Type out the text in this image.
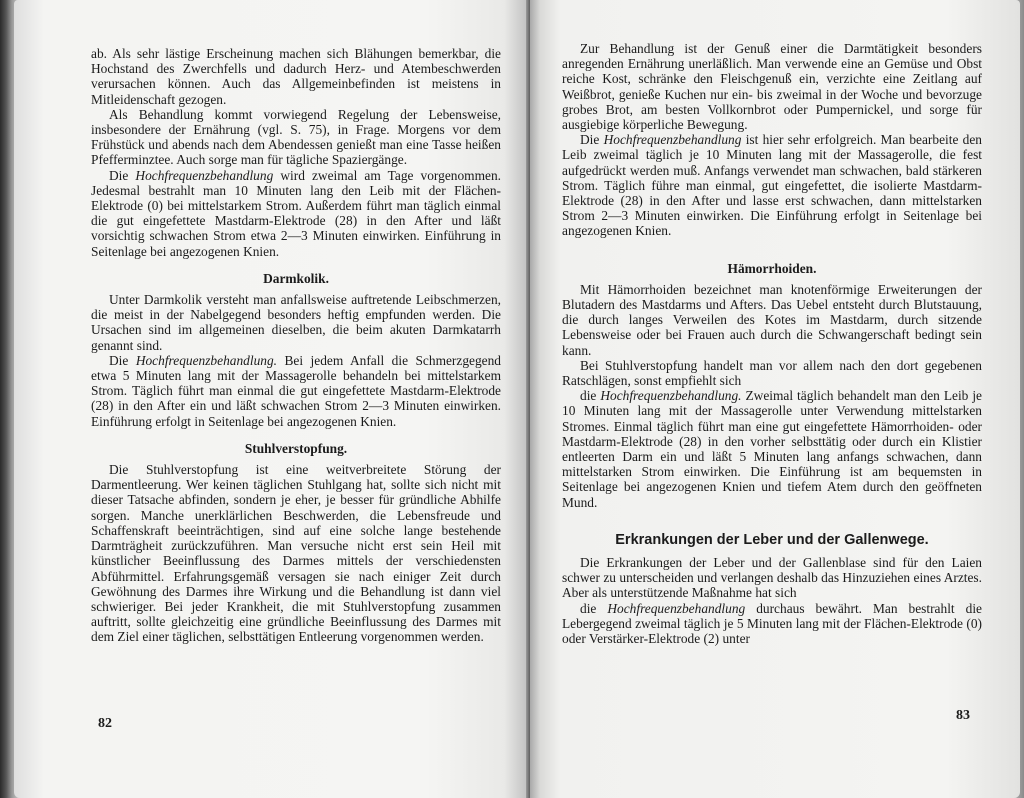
ab. Als sehr lästige Erscheinung machen sich Blähungen bemerkbar, die Hochstand des Zwerchfells und dadurch Herz- und Atembeschwerden verursachen können. Auch das Allgemeinbefinden ist meistens in Mitleidenschaft gezogen.

Als Behandlung kommt vorwiegend Regelung der Lebensweise, insbesondere der Ernährung (vgl. S. 75), in Frage. Morgens vor dem Frühstück und abends nach dem Abendessen genießt man eine Tasse heißen Pfefferminztee. Auch sorge man für tägliche Spaziergänge.

Die Hochfrequenzbehandlung wird zweimal am Tage vorgenommen. Jedesmal bestrahlt man 10 Minuten lang den Leib mit der Flächen-Elektrode (0) bei mittelstarkem Strom. Außerdem führt man täglich einmal die gut eingefettete Mastdarm-Elektrode (28) in den After und läßt vorsichtig schwachen Strom etwa 2—3 Minuten einwirken. Einführung in Seitenlage bei angezogenen Knien.

Darmkolik.

Unter Darmkolik versteht man anfallsweise auftretende Leibschmerzen, die meist in der Nabelgegend besonders heftig empfunden werden. Die Ursachen sind im allgemeinen dieselben, die beim akuten Darmkatarrh genannt sind.

Die Hochfrequenzbehandlung. Bei jedem Anfall die Schmerzgegend etwa 5 Minuten lang mit der Massagerolle behandeln bei mittelstarkem Strom. Täglich führt man einmal die gut eingefettete Mastdarm-Elektrode (28) in den After ein und läßt schwachen Strom 2—3 Minuten einwirken. Einführung erfolgt in Seitenlage bei angezogenen Knien.

Stuhlverstopfung.

Die Stuhlverstopfung ist eine weitverbreitete Störung der Darmentleerung. Wer keinen täglichen Stuhlgang hat, sollte sich nicht mit dieser Tatsache abfinden, sondern je eher, je besser für gründliche Abhilfe sorgen. Manche unerklärlichen Beschwerden, die Lebensfreude und Schaffenskraft beeinträchtigen, sind auf eine solche lange bestehende Darmträgheit zurückzuführen. Man versuche nicht erst sein Heil mit künstlicher Beeinflussung des Darmes mittels der verschiedensten Abführmittel. Erfahrungsgemäß versagen sie nach einiger Zeit durch Gewöhnung des Darmes ihre Wirkung und die Behandlung ist dann viel schwieriger. Bei jeder Krankheit, die mit Stuhlverstopfung zusammen auftritt, sollte gleichzeitig eine gründliche Beeinflussung des Darmes mit dem Ziel einer täglichen, selbsttätigen Entleerung vorgenommen werden.

82

Zur Behandlung ist der Genuß einer die Darmtätigkeit besonders anregenden Ernährung unerläßlich. Man verwende eine an Gemüse und Obst reiche Kost, schränke den Fleischgenuß ein, verzichte eine Zeitlang auf Weißbrot, genieße Kuchen nur ein- bis zweimal in der Woche und bevorzuge grobes Brot, am besten Vollkornbrot oder Pumpernickel, und sorge für ausgiebige körperliche Bewegung.

Die Hochfrequenzbehandlung ist hier sehr erfolgreich. Man bearbeite den Leib zweimal täglich je 10 Minuten lang mit der Massagerolle, die fest aufgedrückt werden muß. Anfangs verwendet man schwachen, bald stärkeren Strom. Täglich führe man einmal, gut eingefettet, die isolierte Mastdarm-Elektrode (28) in den After und lasse erst schwachen, dann mittelstarken Strom 2—3 Minuten einwirken. Die Einführung erfolgt in Seitenlage bei angezogenen Knien.

Hämorrhoiden.

Mit Hämorrhoiden bezeichnet man knotenförmige Erweiterungen der Blutadern des Mastdarms und Afters. Das Uebel entsteht durch Blutstauung, die durch langes Verweilen des Kotes im Mastdarm, durch sitzende Lebensweise oder bei Frauen auch durch die Schwangerschaft bedingt sein kann.

Bei Stuhlverstopfung handelt man vor allem nach den dort gegebenen Ratschlägen, sonst empfiehlt sich

die Hochfrequenzbehandlung. Zweimal täglich behandelt man den Leib je 10 Minuten lang mit der Massagerolle unter Verwendung mittelstarken Stromes. Einmal täglich führt man eine gut eingefettete Hämorrhoiden- oder Mastdarm-Elektrode (28) in den vorher selbsttätig oder durch ein Klistier entleerten Darm ein und läßt 5 Minuten lang anfangs schwachen, dann mittelstarken Strom einwirken. Die Einführung ist am bequemsten in Seitenlage bei angezogenen Knien und tiefem Atem durch den geöffneten Mund.

Erkrankungen der Leber und der Gallenwege.

Die Erkrankungen der Leber und der Gallenblase sind für den Laien schwer zu unterscheiden und verlangen deshalb das Hinzuziehen eines Arztes. Aber als unterstützende Maßnahme hat sich

die Hochfrequenzbehandlung durchaus bewährt. Man bestrahlt die Lebergegend zweimal täglich je 5 Minuten lang mit der Flächen-Elektrode (0) oder Verstärker-Elektrode (2) unter

83
